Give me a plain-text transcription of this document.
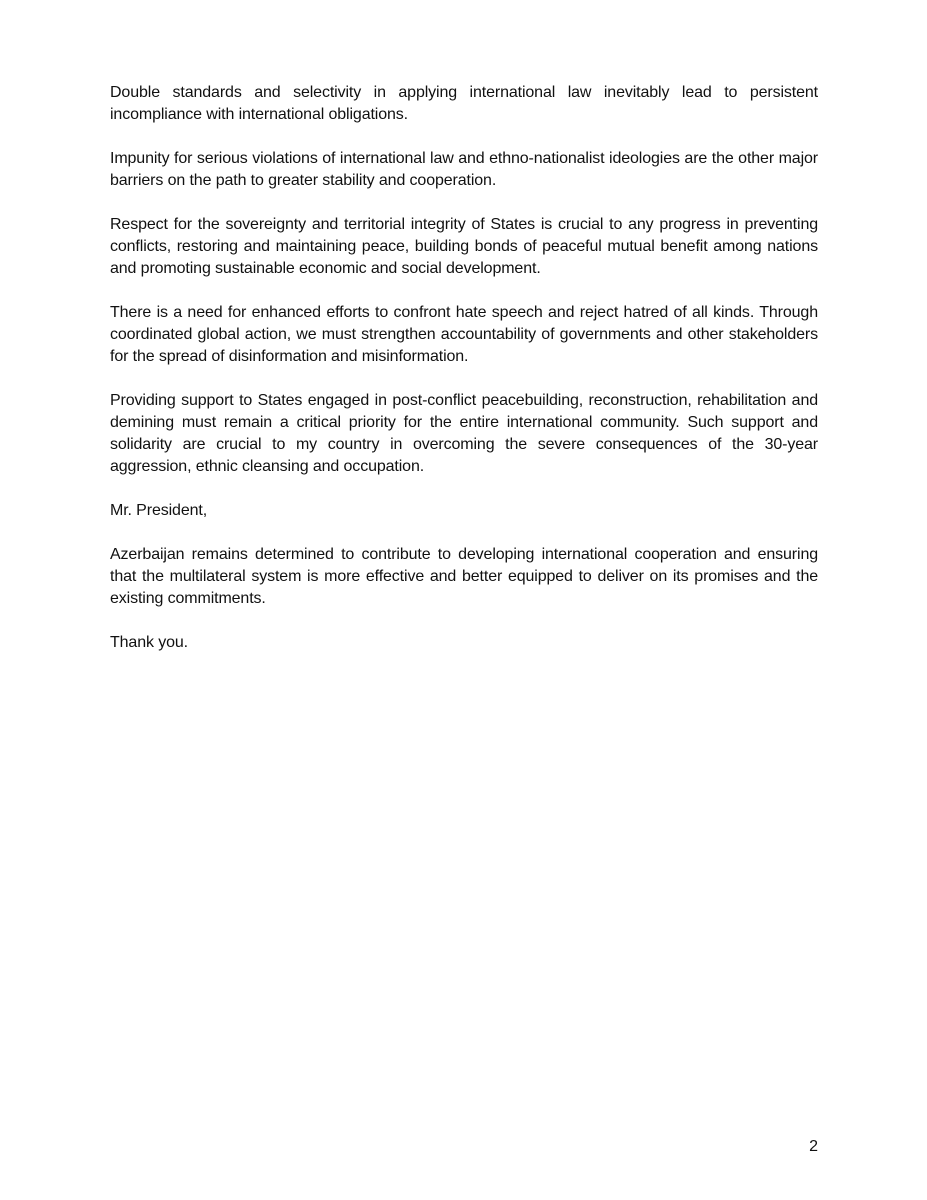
Double standards and selectivity in applying international law inevitably lead to persistent incompliance with international obligations.

Impunity for serious violations of international law and ethno-nationalist ideologies are the other major barriers on the path to greater stability and cooperation.

Respect for the sovereignty and territorial integrity of States is crucial to any progress in preventing conflicts, restoring and maintaining peace, building bonds of peaceful mutual benefit among nations and promoting sustainable economic and social development.

There is a need for enhanced efforts to confront hate speech and reject hatred of all kinds. Through coordinated global action, we must strengthen accountability of governments and other stakeholders for the spread of disinformation and misinformation.

Providing support to States engaged in post-conflict peacebuilding, reconstruction, rehabilitation and demining must remain a critical priority for the entire international community. Such support and solidarity are crucial to my country in overcoming the severe consequences of the 30-year aggression, ethnic cleansing and occupation.

Mr. President,

Azerbaijan remains determined to contribute to developing international cooperation and ensuring that the multilateral system is more effective and better equipped to deliver on its promises and the existing commitments.

Thank you.

2
